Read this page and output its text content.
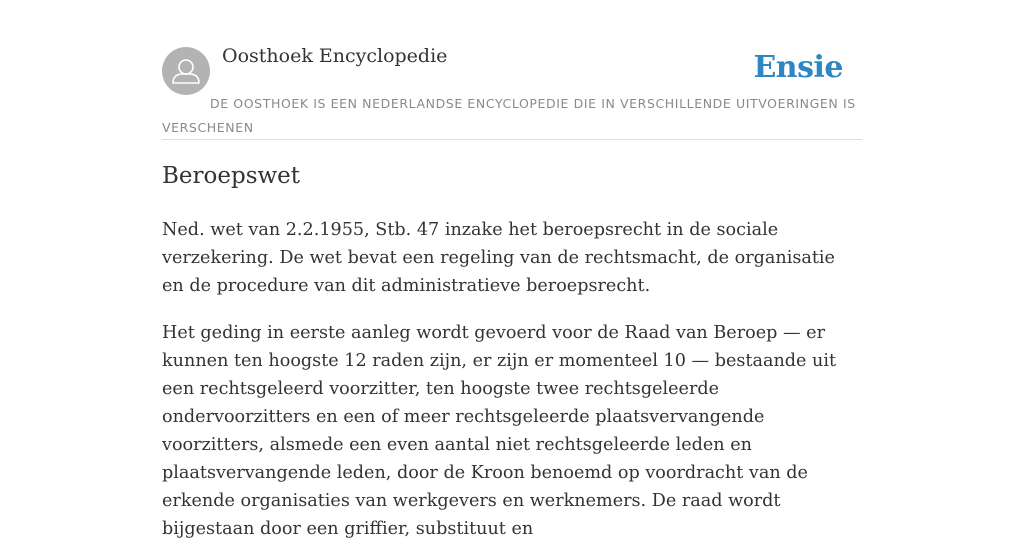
Oosthoek Encyclopedie	Ensie
DE OOSTHOEK IS EEN NEDERLANDSE ENCYCLOPEDIE DIE IN VERSCHILLENDE UITVOERINGEN IS VERSCHENEN
Beroepswet

Ned. wet van 2.2.1955, Stb. 47 inzake het beroepsrecht in de sociale verzekering. De wet bevat een regeling van de rechtsmacht, de organisatie en de procedure van dit administratieve beroepsrecht.

Het geding in eerste aanleg wordt gevoerd voor de Raad van Beroep — er kunnen ten hoogste 12 raden zijn, er zijn er momenteel 10 — bestaande uit een rechtsgeleerd voorzitter, ten hoogste twee rechtsgeleerde ondervoorzitters en een of meer rechtsgeleerde plaatsvervangende voorzitters, alsmede een even aantal niet rechtsgeleerde leden en plaatsvervangende leden, door de Kroon benoemd op voordracht van de erkende organisaties van werkgevers en werknemers. De raad wordt bijgestaan door een griffier, substituut en
